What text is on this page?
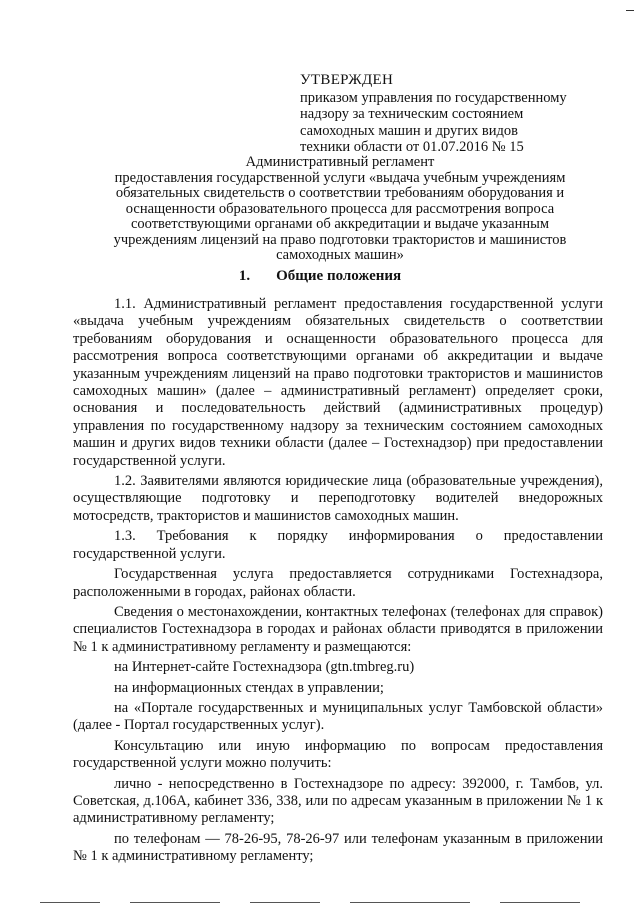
УТВЕРЖДЕН
приказом управления по государственному
надзору за техническим состоянием
самоходных машин и других видов
техники области от 01.07.2016 № 15
Административный регламент
предоставления государственной услуги «выдача учебным учреждениям
обязательных свидетельств о соответствии требованиям оборудования и
оснащенности образовательного процесса для рассмотрения вопроса
соответствующими органами об аккредитации и выдаче указанным
учреждениям лицензий на право подготовки трактористов и машинистов
самоходных машин»
1. Общие положения

1.1. Административный регламент предоставления государственной услуги «выдача учебным учреждениям обязательных свидетельств о соответствии требованиям оборудования и оснащенности образовательного процесса для рассмотрения вопроса соответствующими органами об аккредитации и выдаче указанным учреждениям лицензий на право подготовки трактористов и машинистов самоходных машин» (далее – административный регламент) определяет сроки, основания и последовательность действий (административных процедур) управления по государственному надзору за техническим состоянием самоходных машин и других видов техники области (далее – Гостехнадзор) при предоставлении государственной услуги.

1.2. Заявителями являются юридические лица (образовательные учреждения), осуществляющие подготовку и переподготовку водителей внедорожных мотосредств, трактористов и машинистов самоходных машин.

1.3. Требования к порядку информирования о предоставлении государственной услуги.

Государственная услуга предоставляется сотрудниками Гостехнадзора, расположенными в городах, районах области.

Сведения о местонахождении, контактных телефонах (телефонах для справок) специалистов Гостехнадзора в городах и районах области приводятся в приложении № 1 к административному регламенту и размещаются:

на Интернет-сайте Гостехнадзора (gtn.tmbreg.ru)

на информационных стендах в управлении;

на «Портале государственных и муниципальных услуг Тамбовской области» (далее - Портал государственных услуг).

Консультацию или иную информацию по вопросам предоставления государственной услуги можно получить:

лично - непосредственно в Гостехнадзоре по адресу: 392000, г. Тамбов, ул. Советская, д.106А, кабинет 336, 338, или по адресам указанным в приложении № 1 к административному регламенту;

по телефонам — 78-26-95, 78-26-97 или телефонам указанным в приложении № 1 к административному регламенту;
